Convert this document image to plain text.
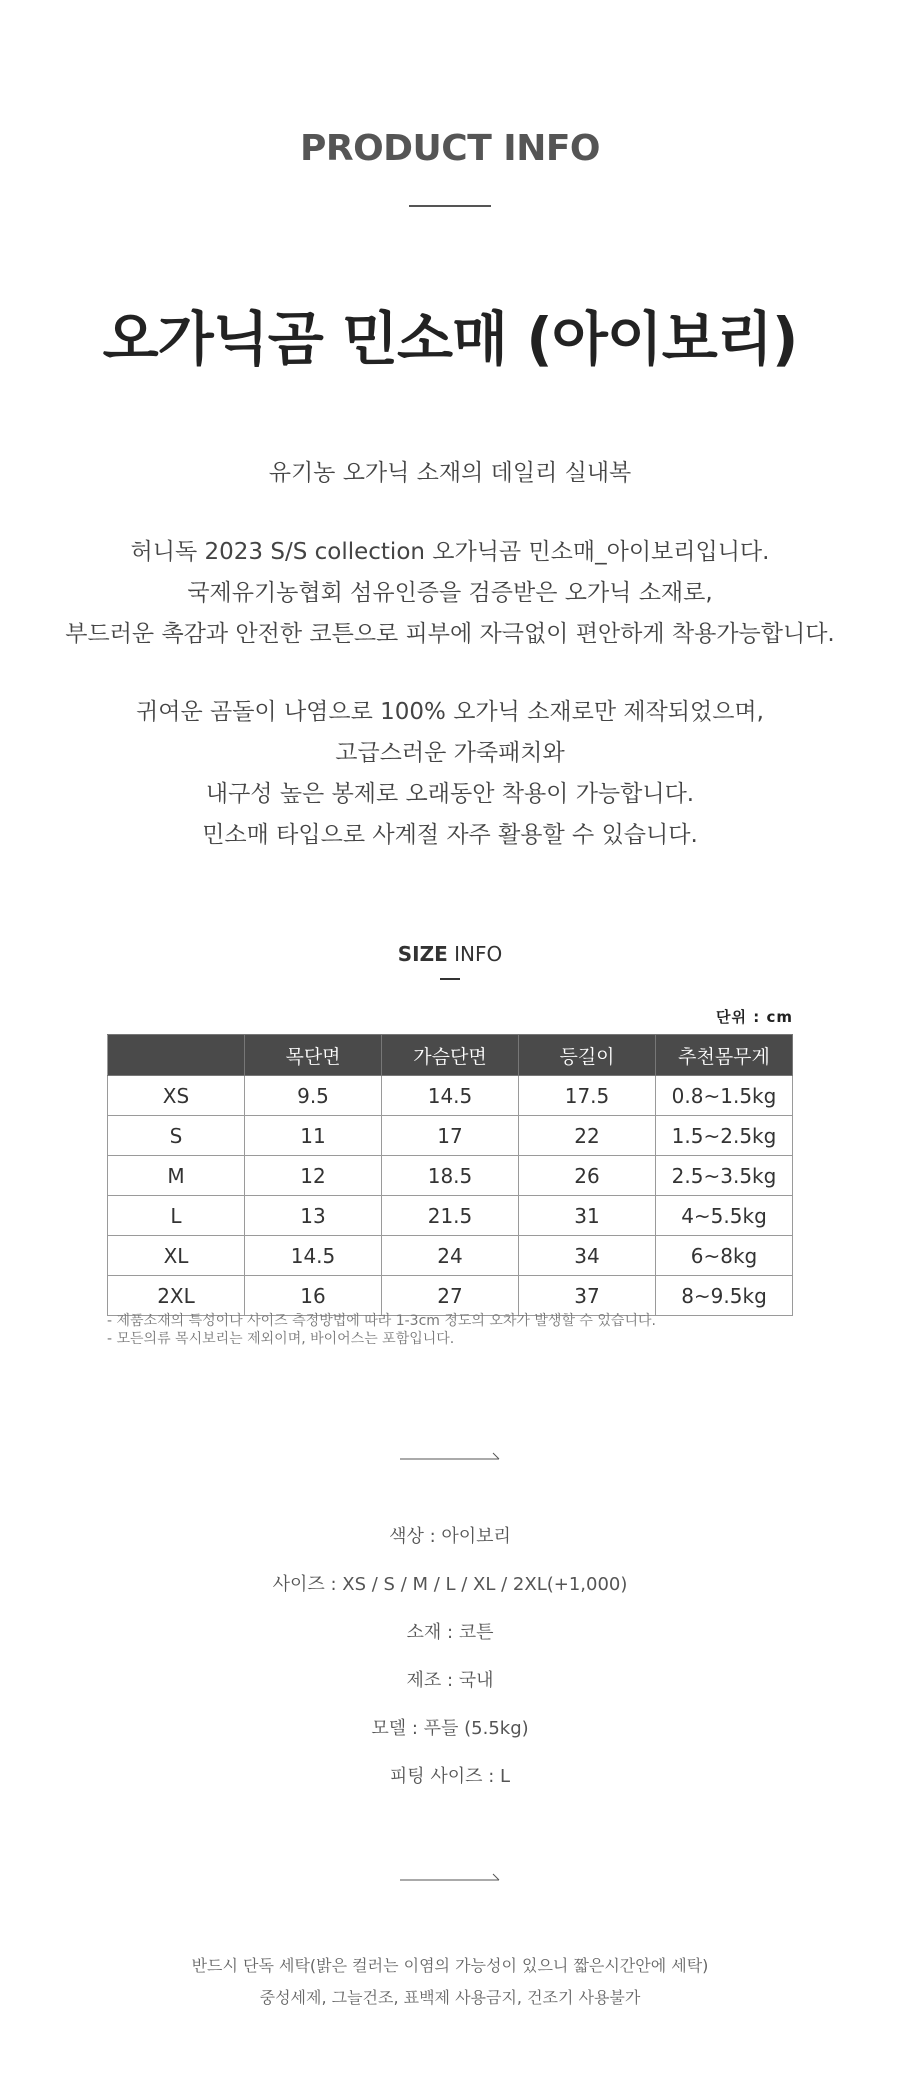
PRODUCT INFO
오가닉곰 민소매 (아이보리)
유기농 오가닉 소재의 데일리 실내복
허니독 2023 S/S collection 오가닉곰 민소매_아이보리입니다.
국제유기농협회 섬유인증을 검증받은 오가닉 소재로,
부드러운 촉감과 안전한 코튼으로 피부에 자극없이 편안하게 착용가능합니다.
귀여운 곰돌이 나염으로 100% 오가닉 소재로만 제작되었으며,
고급스러운 가죽패치와
내구성 높은 봉제로 오래동안 착용이 가능합니다.
민소매 타입으로 사계절 자주 활용할 수 있습니다.
SIZE INFO
단위 : cm
	목단면	가슴단면	등길이	추천몸무게
XS	9.5	14.5	17.5	0.8~1.5kg
S	11	17	22	1.5~2.5kg
M	12	18.5	26	2.5~3.5kg
L	13	21.5	31	4~5.5kg
XL	14.5	24	34	6~8kg
2XL	16	27	37	8~9.5kg
- 제품소재의 특성이나 사이즈 측정방법에 따라 1-3cm 정도의 오차가 발생할 수 있습니다.
- 모든의류 목시보리는 제외이며, 바이어스는 포함입니다.
색상 : 아이보리
사이즈 : XS / S / M / L / XL / 2XL(+1,000)
소재 : 코튼
제조 : 국내
모델 : 푸들 (5.5kg)
피팅 사이즈 : L
반드시 단독 세탁(밝은 컬러는 이염의 가능성이 있으니 짧은시간안에 세탁)
중성세제, 그늘건조, 표백제 사용금지, 건조기 사용불가
